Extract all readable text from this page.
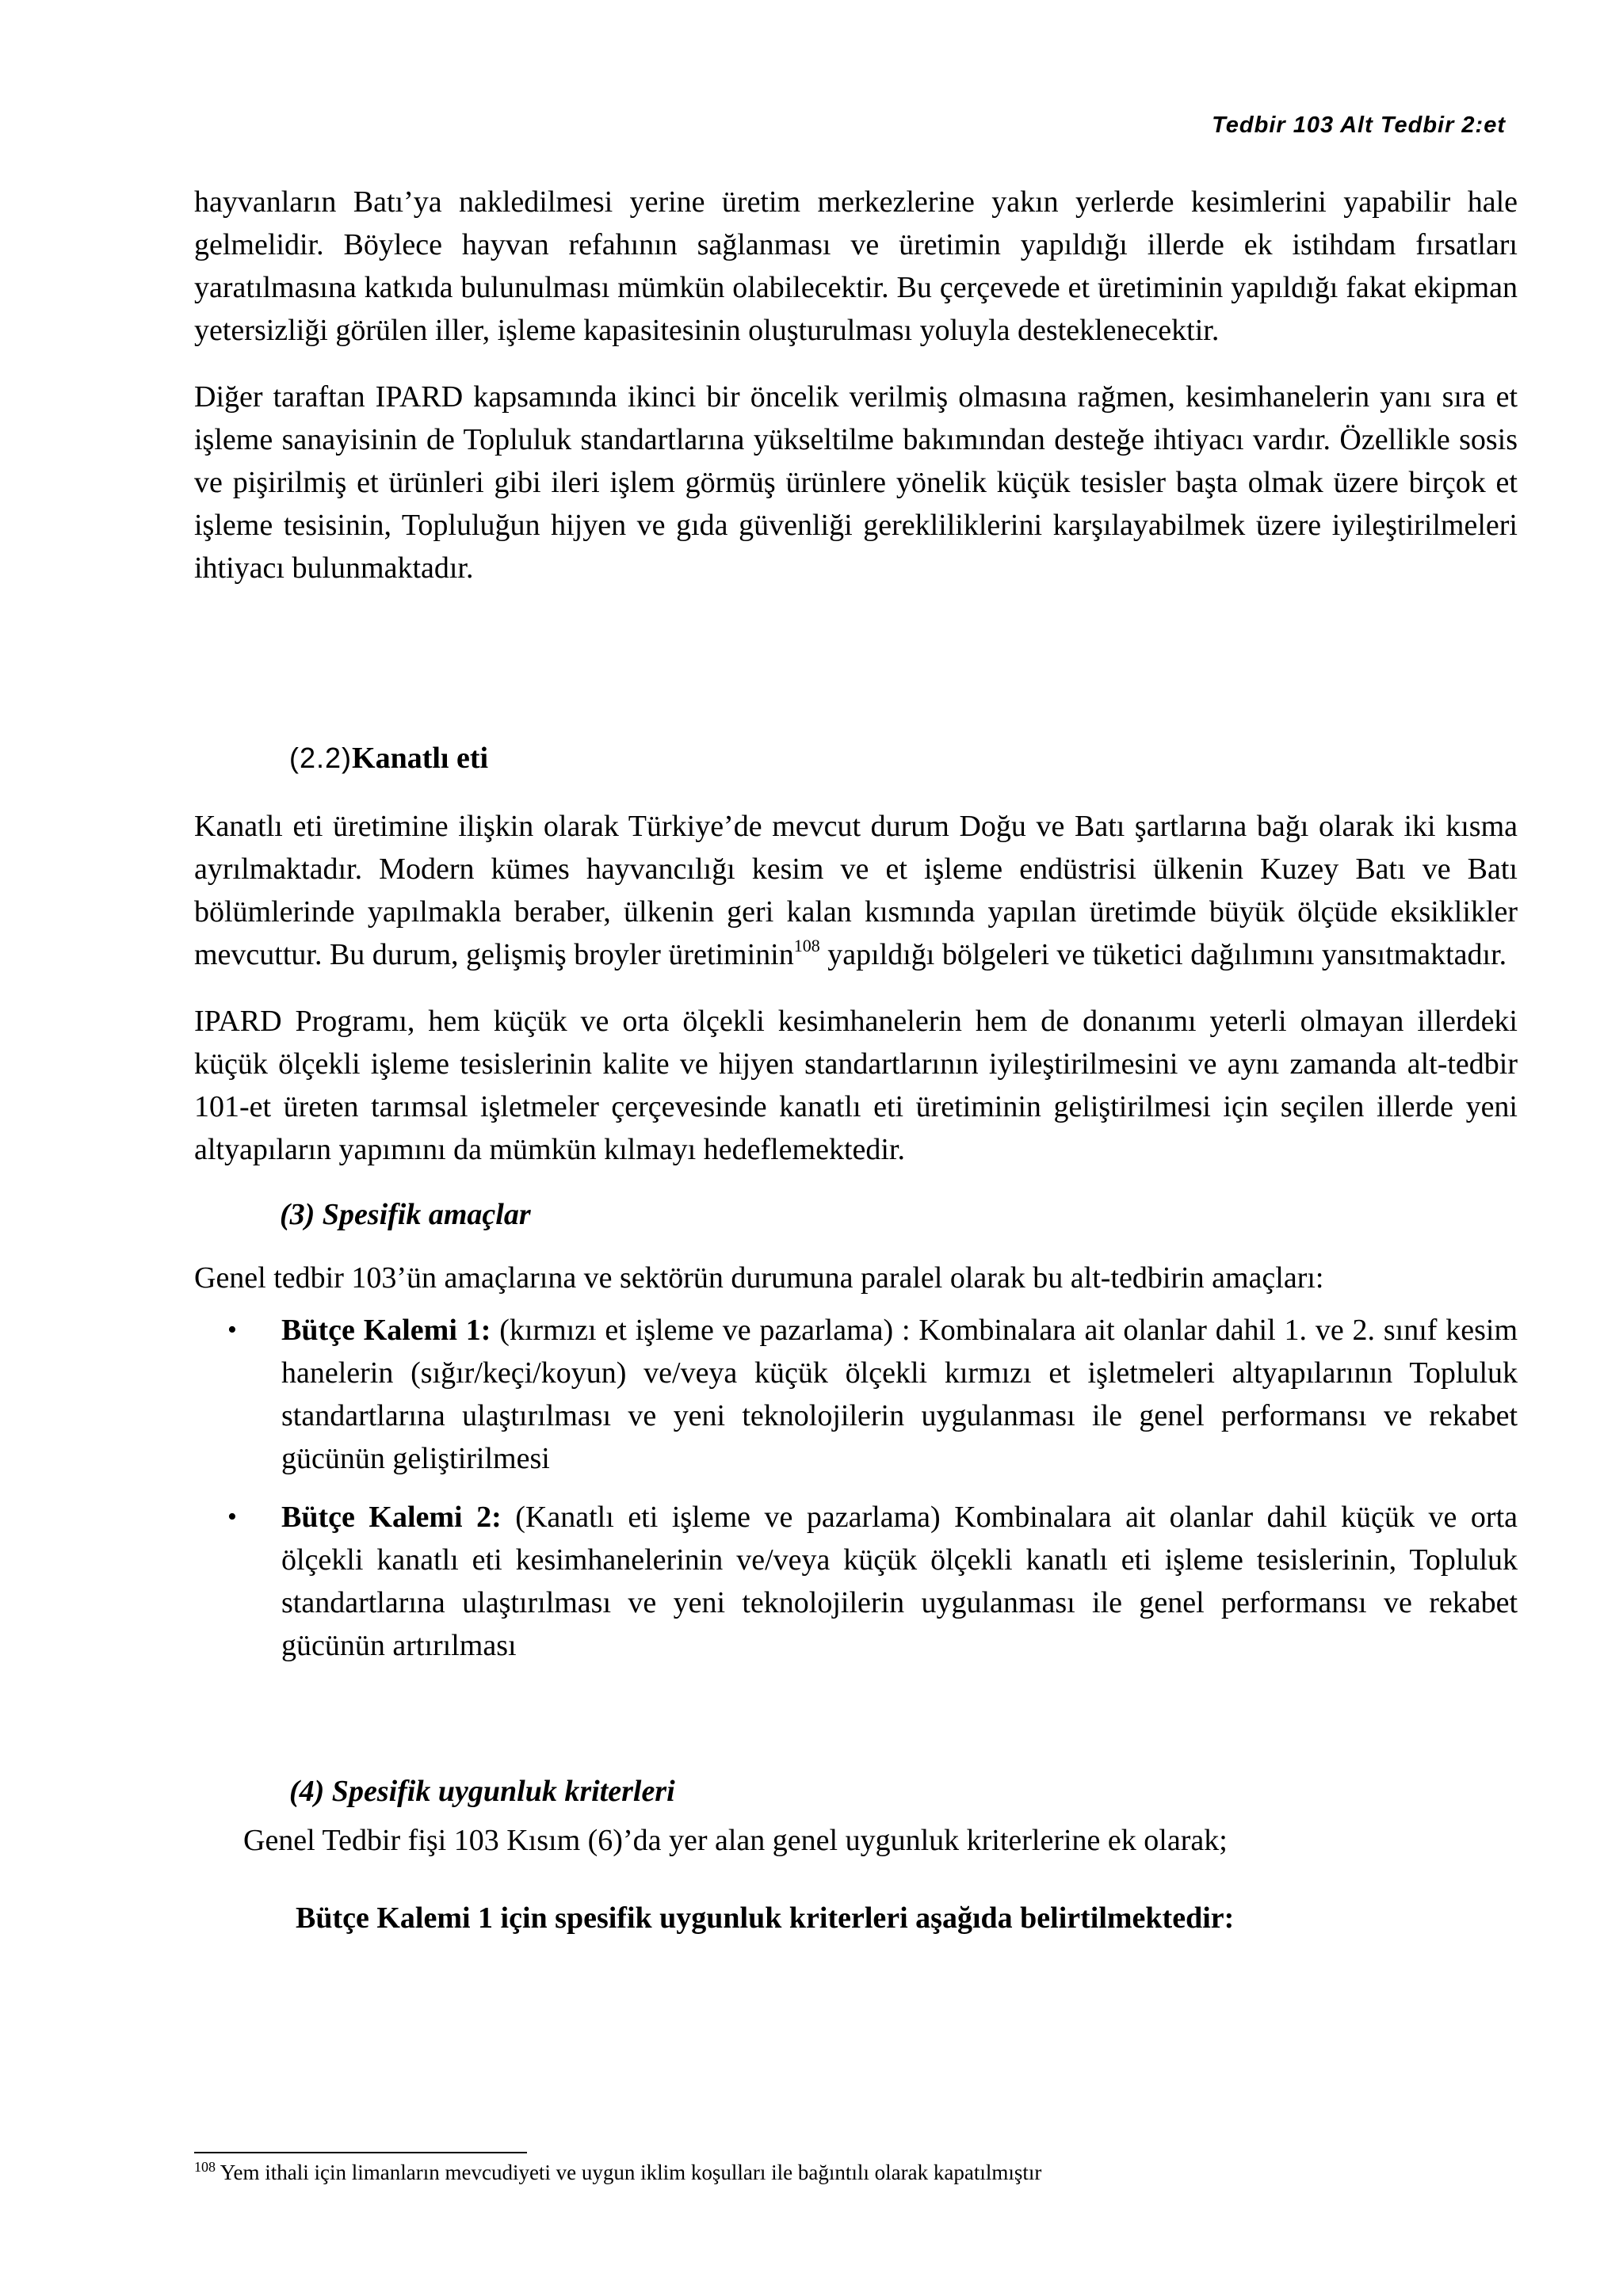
Tedbir 103 Alt Tedbir 2:et

hayvanların Batı’ya nakledilmesi yerine üretim merkezlerine yakın yerlerde kesimlerini yapabilir hale gelmelidir. Böylece hayvan refahının sağlanması ve üretimin yapıldığı illerde ek istihdam fırsatları yaratılmasına katkıda bulunulması mümkün olabilecektir. Bu çerçevede et üretiminin yapıldığı fakat ekipman yetersizliği görülen iller, işleme kapasitesinin oluşturulması yoluyla desteklenecektir.

Diğer taraftan IPARD kapsamında ikinci bir öncelik verilmiş olmasına rağmen, kesimhanelerin yanı sıra et işleme sanayisinin de Topluluk standartlarına yükseltilme bakımından desteğe ihtiyacı vardır. Özellikle sosis ve pişirilmiş et ürünleri gibi ileri işlem görmüş ürünlere yönelik küçük tesisler başta olmak üzere birçok et işleme tesisinin, Topluluğun hijyen ve gıda güvenliği gerekliliklerini karşılayabilmek üzere iyileştirilmeleri ihtiyacı bulunmaktadır.

(2.2)Kanatlı eti

Kanatlı eti üretimine ilişkin olarak Türkiye’de mevcut durum Doğu ve Batı şartlarına bağı olarak iki kısma ayrılmaktadır. Modern kümes hayvancılığı kesim ve et işleme endüstrisi ülkenin Kuzey Batı ve Batı bölümlerinde yapılmakla beraber, ülkenin geri kalan kısmında yapılan üretimde büyük ölçüde eksiklikler mevcuttur. Bu durum, gelişmiş broyler üretiminin$^{108}$ yapıldığı bölgeleri ve tüketici dağılımını yansıtmaktadır.

IPARD Programı, hem küçük ve orta ölçekli kesimhanelerin hem de donanımı yeterli olmayan illerdeki küçük ölçekli işleme tesislerinin kalite ve hijyen standartlarının iyileştirilmesini ve aynı zamanda alt-tedbir 101-et üreten tarımsal işletmeler çerçevesinde kanatlı eti üretiminin geliştirilmesi için seçilen illerde yeni altyapıların yapımını da mümkün kılmayı hedeflemektedir.

(3) Spesifik amaçlar

Genel tedbir 103’ün amaçlarına ve sektörün durumuna paralel olarak bu alt-tedbirin amaçları:

• Bütçe Kalemi 1: (kırmızı et işleme ve pazarlama) : Kombinalara ait olanlar dahil 1. ve 2. sınıf kesim hanelerin (sığır/keçi/koyun) ve/veya küçük ölçekli kırmızı et işletmeleri altyapılarının Topluluk standartlarına ulaştırılması ve yeni teknolojilerin uygulanması ile genel performansı ve rekabet gücünün geliştirilmesi
• Bütçe Kalemi 2: (Kanatlı eti işleme ve pazarlama) Kombinalara ait olanlar dahil küçük ve orta ölçekli kanatlı eti kesimhanelerinin ve/veya küçük ölçekli kanatlı eti işleme tesislerinin, Topluluk standartlarına ulaştırılması ve yeni teknolojilerin uygulanması ile genel performansı ve rekabet gücünün artırılması

(4) Spesifik uygunluk kriterleri

Genel Tedbir fişi 103 Kısım (6)’da yer alan genel uygunluk kriterlerine ek olarak;

Bütçe Kalemi 1 için spesifik uygunluk kriterleri aşağıda belirtilmektedir:

$^{108}$ Yem ithali için limanların mevcudiyeti ve uygun iklim koşulları ile bağıntılı olarak kapatılmıştır
